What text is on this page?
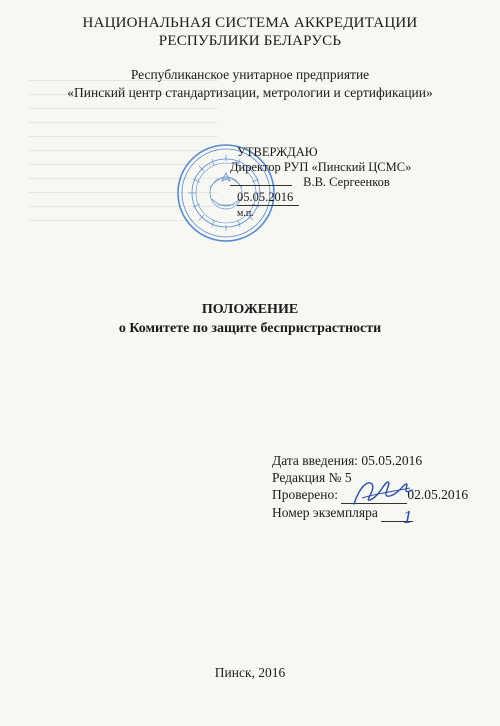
НАЦИОНАЛЬНАЯ СИСТЕМА АККРЕДИТАЦИИ
РЕСПУБЛИКИ БЕЛАРУСЬ
Республиканское унитарное предприятие
«Пинский центр стандартизации, метрологии и сертификации»
УТВЕРЖДАЮ
Директор РУП «Пинский ЦСМС»
В.В. Сергеенков
05.05.2016
м.п.
ПОЛОЖЕНИЕ
о Комитете по защите беспристрастности
Дата введения: 05.05.2016
Редакция № 5
Проверено:	02.05.2016
Номер экземпляра	1
Пинск, 2016
